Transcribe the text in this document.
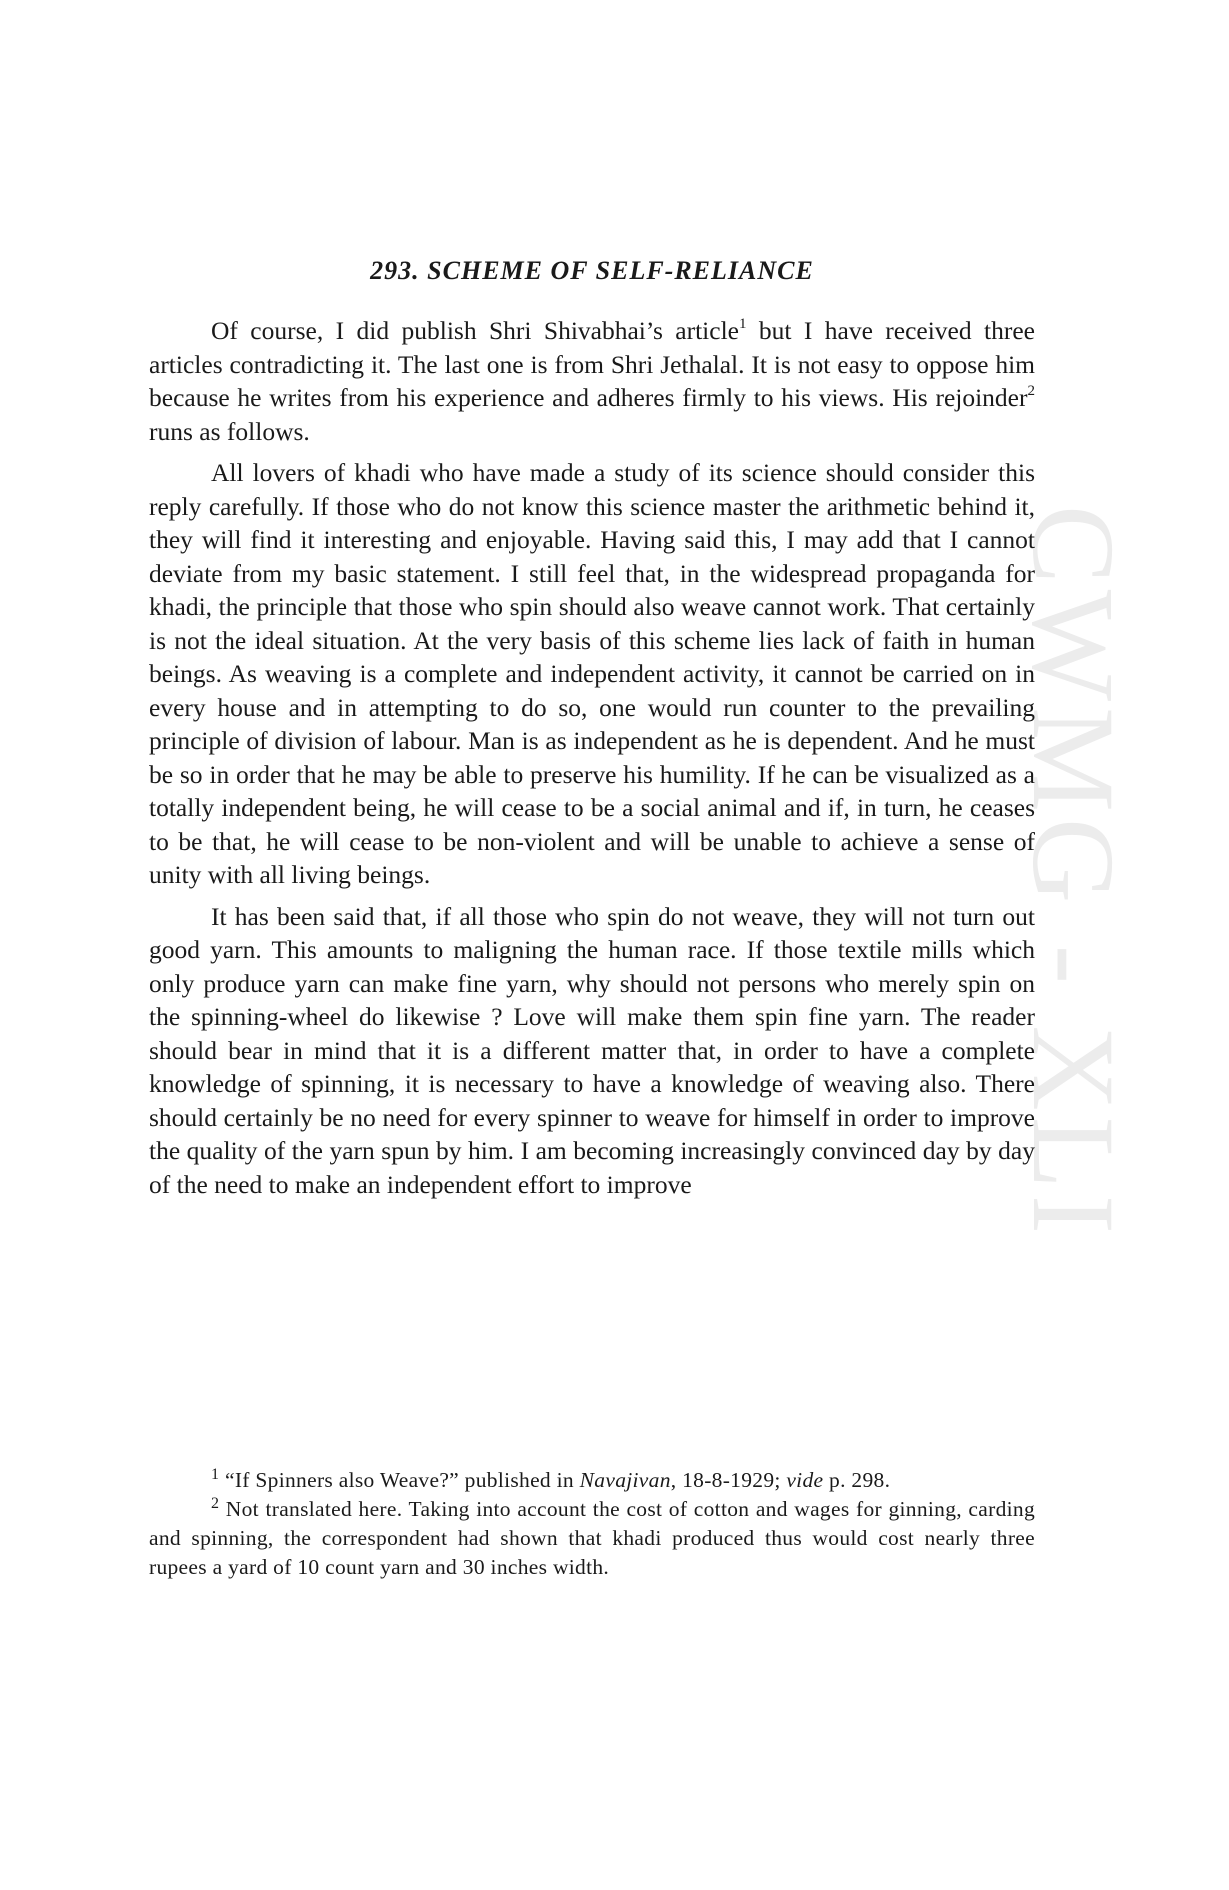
CWMG - XLI
293. SCHEME OF SELF-RELIANCE

Of course, I did publish Shri Shivabhai’s article$^1$ but I have received three articles contradicting it. The last one is from Shri Jethalal. It is not easy to oppose him because he writes from his experience and adheres firmly to his views. His rejoinder$^2$ runs as follows.

All lovers of khadi who have made a study of its science should consider this reply carefully. If those who do not know this science master the arithmetic behind it, they will find it interesting and enjoyable. Having said this, I may add that I cannot deviate from my basic statement. I still feel that, in the widespread propaganda for khadi, the principle that those who spin should also weave cannot work. That certainly is not the ideal situation. At the very basis of this scheme lies lack of faith in human beings. As weaving is a complete and independent activity, it cannot be carried on in every house and in attempting to do so, one would run counter to the prevailing principle of division of labour. Man is as independent as he is dependent. And he must be so in order that he may be able to preserve his humility. If he can be visualized as a totally independent being, he will cease to be a social animal and if, in turn, he ceases to be that, he will cease to be non-violent and will be unable to achieve a sense of unity with all living beings.

It has been said that, if all those who spin do not weave, they will not turn out good yarn. This amounts to maligning the human race. If those textile mills which only produce yarn can make fine yarn, why should not persons who merely spin on the spinning-wheel do likewise ? Love will make them spin fine yarn. The reader should bear in mind that it is a different matter that, in order to have a complete knowledge of spinning, it is necessary to have a knowledge of weaving also. There should certainly be no need for every spinner to weave for himself in order to improve the quality of the yarn spun by him. I am becoming increasingly convinced day by day of the need to make an independent effort to improve

$^1$ “If Spinners also Weave?” published in Navajivan, 18-8-1929; vide p. 298.

$^2$ Not translated here. Taking into account the cost of cotton and wages for ginning, carding and spinning, the correspondent had shown that khadi produced thus would cost nearly three rupees a yard of 10 count yarn and 30 inches width.
